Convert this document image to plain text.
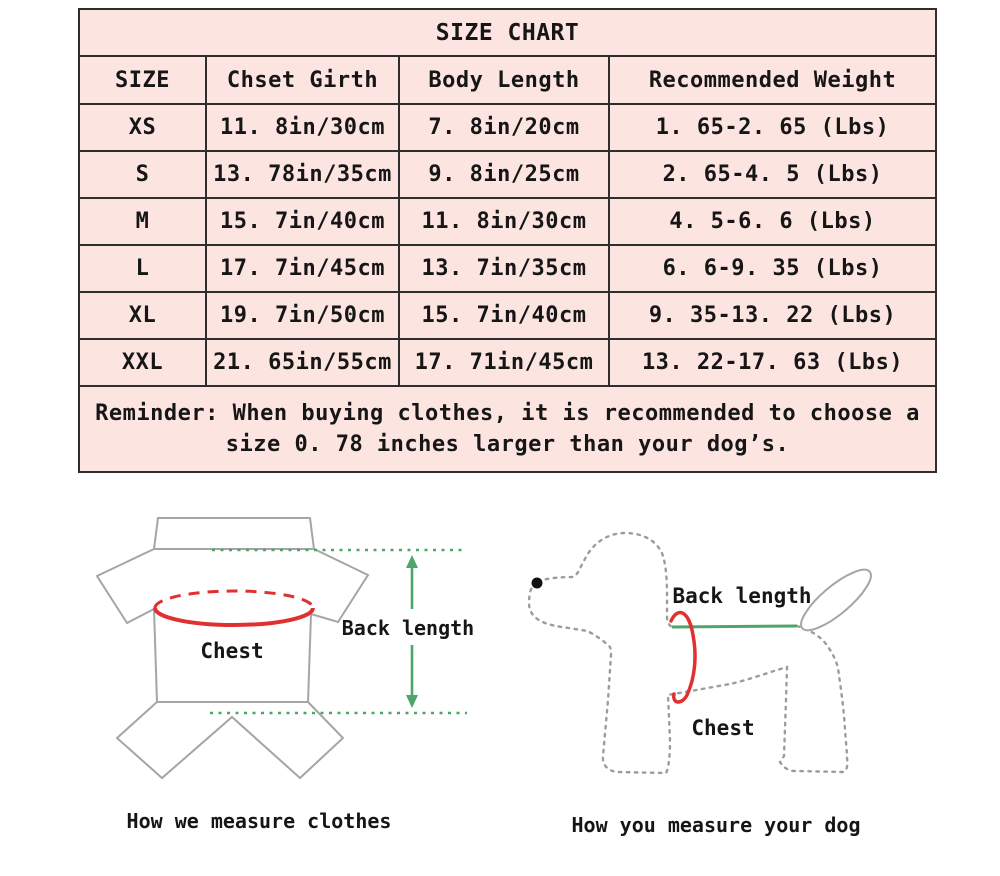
SIZE CHART			
SIZE	Chset Girth	Body Length	Recommended Weight
XS	11. 8in/30cm	7. 8in/20cm	1. 65-2. 65 (Lbs)
S	13. 78in/35cm	9. 8in/25cm	2. 65-4. 5 (Lbs)
M	15. 7in/40cm	11. 8in/30cm	4. 5-6. 6 (Lbs)
L	17. 7in/45cm	13. 7in/35cm	6. 6-9. 35 (Lbs)
XL	19. 7in/50cm	15. 7in/40cm	9. 35-13. 22 (Lbs)
XXL	21. 65in/55cm	17. 71in/45cm	13. 22-17. 63 (Lbs)

Reminder: When buying clothes, it is recommended to choose a
size 0. 78 inches larger than your dog’s.			
Chest
Back length
How we measure clothes
Back length
Chest
How you measure your dog
